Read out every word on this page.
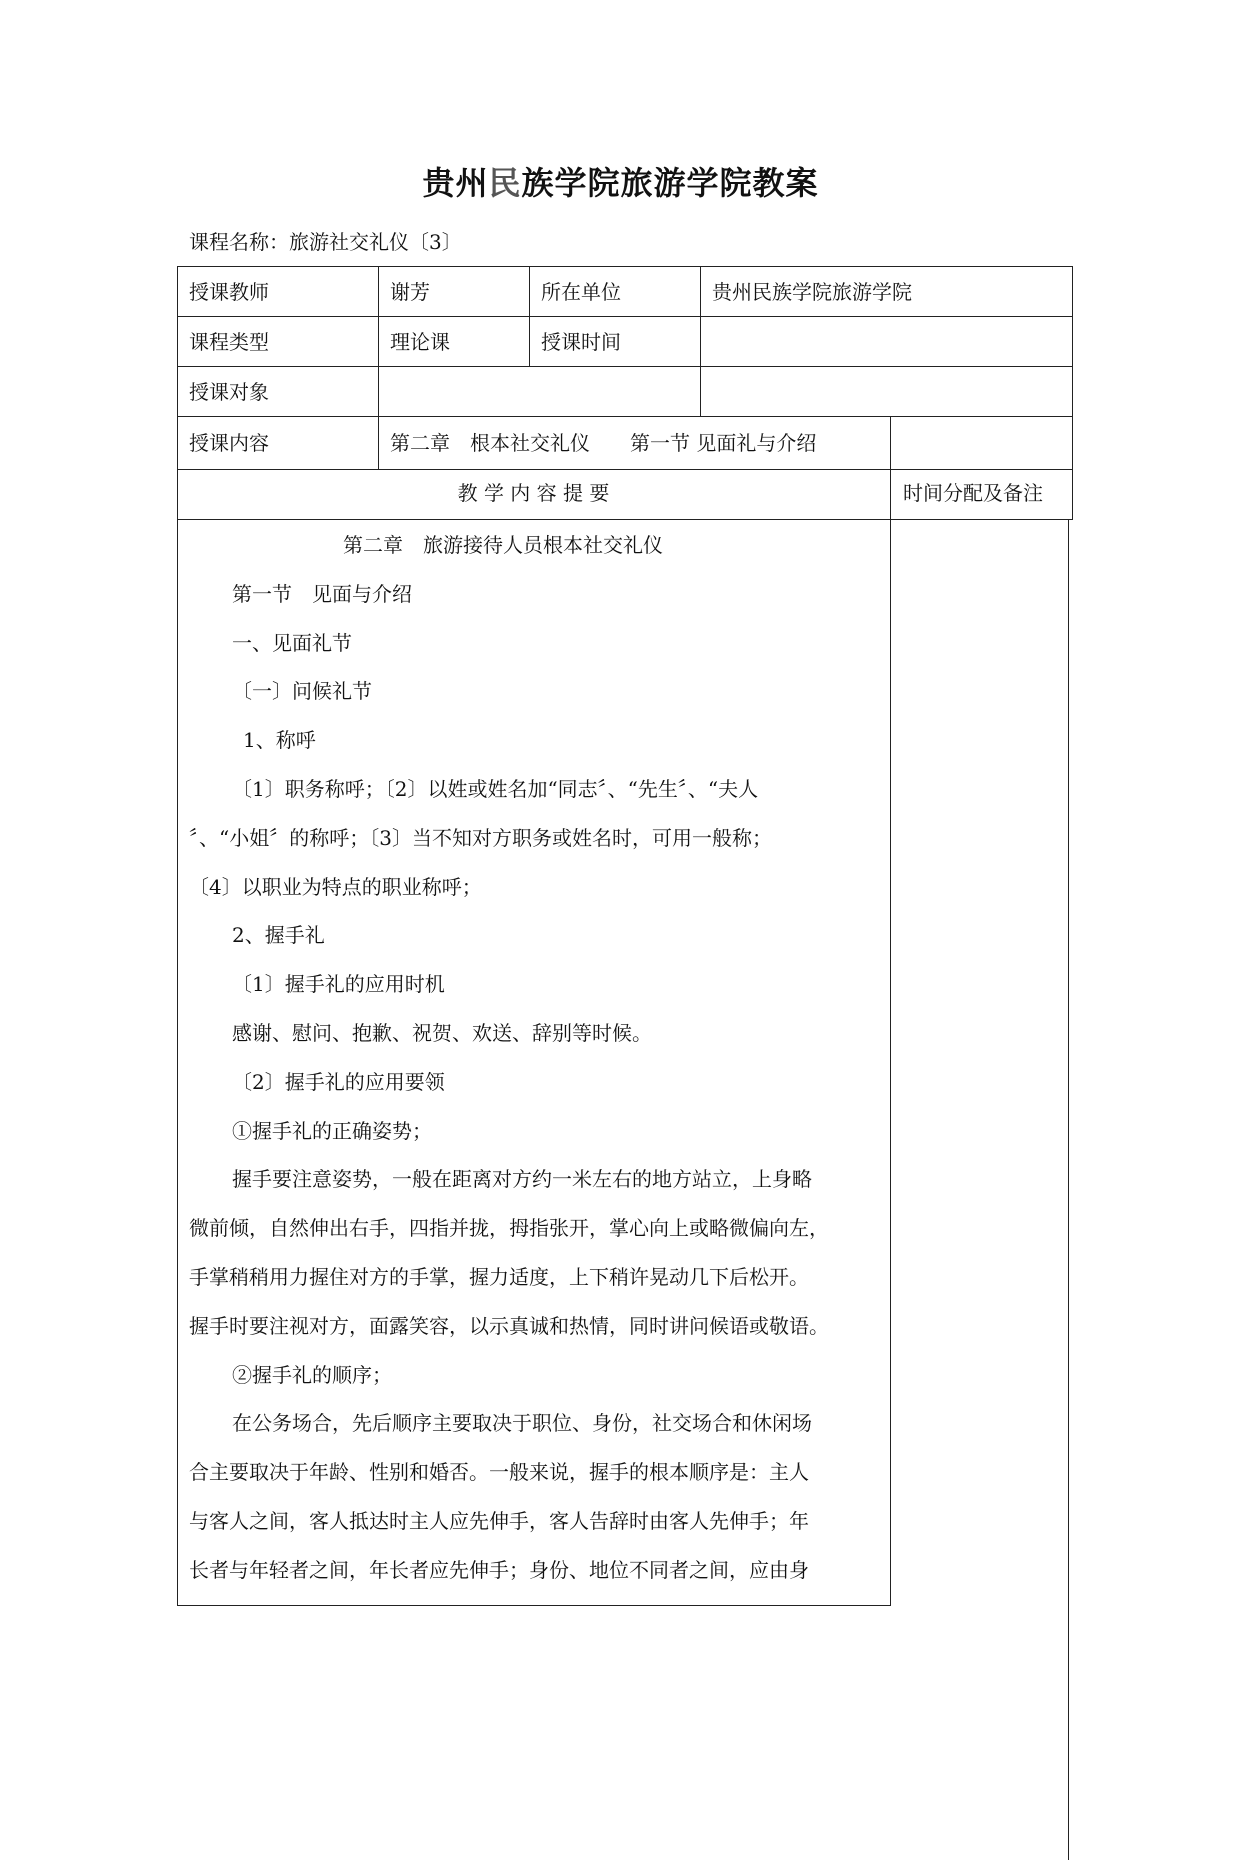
贵州民族学院旅游学院教案
课程名称：旅游社交礼仪〔3〕
授课教师	谢芳	所在单位	贵州民族学院旅游学院
课程类型	理论课	授课时间
授课对象
授课内容	第二章　根本社交礼仪　　第一节 见面礼与介绍
教 学 内 容 提 要	时间分配及备注

第二章　旅游接待人员根本社交礼仪

第一节　见面与介绍

一、见面礼节

〔一〕问候礼节

1、称呼

〔1〕职务称呼；〔2〕以姓或姓名加“同志〞、“先生〞、“夫人

〞、“小姐〞的称呼；〔3〕当不知对方职务或姓名时，可用一般称；

〔4〕以职业为特点的职业称呼；

2、握手礼

〔1〕握手礼的应用时机

感谢、慰问、抱歉、祝贺、欢送、辞别等时候。

〔2〕握手礼的应用要领

①握手礼的正确姿势；

握手要注意姿势，一般在距离对方约一米左右的地方站立，上身略

微前倾，自然伸出右手，四指并拢，拇指张开，掌心向上或略微偏向左，

手掌稍稍用力握住对方的手掌，握力适度，上下稍许晃动几下后松开。

握手时要注视对方，面露笑容，以示真诚和热情，同时讲问候语或敬语。

②握手礼的顺序；

在公务场合，先后顺序主要取决于职位、身份，社交场合和休闲场

合主要取决于年龄、性别和婚否。一般来说，握手的根本顺序是：主人

与客人之间，客人抵达时主人应先伸手，客人告辞时由客人先伸手；年

长者与年轻者之间，年长者应先伸手；身份、地位不同者之间，应由身
